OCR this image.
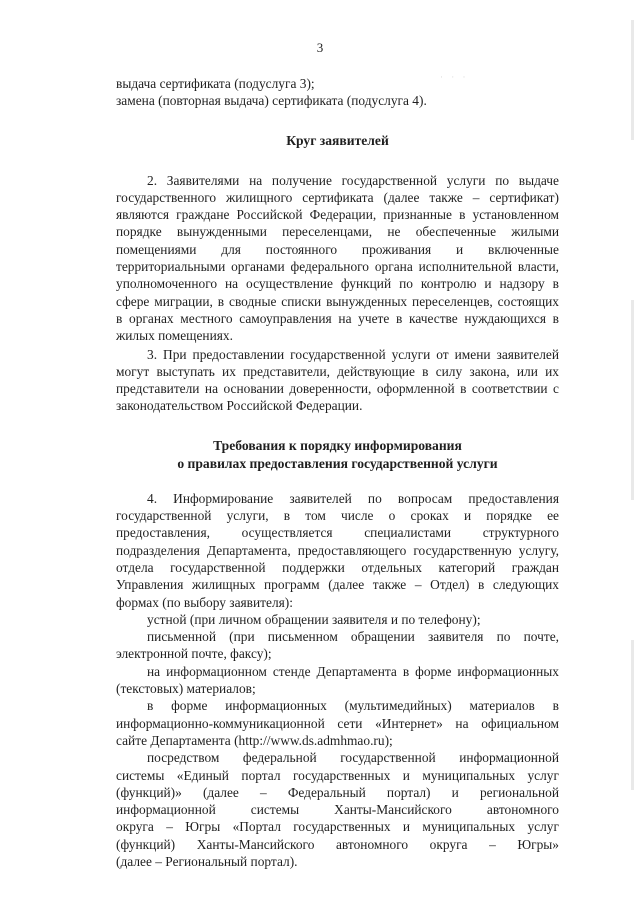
3
· · ·
выдача сертификата (подуслуга 3);
замена (повторная выдача) сертификата (подуслуга 4).
Круг заявителей
2. Заявителями на получение государственной услуги по выдаче
государственного жилищного сертификата (далее также – сертификат)
являются граждане Российской Федерации, признанные в установленном
порядке вынужденными переселенцами, не обеспеченные жилыми
помещениями для постоянного проживания и включенные
территориальными органами федерального органа исполнительной власти,
уполномоченного на осуществление функций по контролю и надзору в
сфере миграции, в сводные списки вынужденных переселенцев, состоящих
в органах местного самоуправления на учете в качестве нуждающихся в
жилых помещениях.
3. При предоставлении государственной услуги от имени заявителей
могут выступать их представители, действующие в силу закона, или их
представители на основании доверенности, оформленной в соответствии с
законодательством Российской Федерации.
Требования к порядку информирования
о правилах предоставления государственной услуги
4. Информирование заявителей по вопросам предоставления
государственной услуги, в том числе о сроках и порядке ее
предоставления, осуществляется специалистами структурного
подразделения Департамента, предоставляющего государственную услугу,
отдела государственной поддержки отдельных категорий граждан
Управления жилищных программ (далее также – Отдел) в следующих
формах (по выбору заявителя):
устной (при личном обращении заявителя и по телефону);
письменной (при письменном обращении заявителя по почте,
электронной почте, факсу);
на информационном стенде Департамента в форме информационных
(текстовых) материалов;
в форме информационных (мультимедийных) материалов в
информационно-коммуникационной сети «Интернет» на официальном
сайте Департамента (http://www.ds.admhmao.ru);
посредством федеральной государственной информационной
системы «Единый портал государственных и муниципальных услуг
(функций)» (далее – Федеральный портал) и региональной
информационной системы Ханты-Мансийского автономного
округа – Югры «Портал государственных и муниципальных услуг
(функций) Ханты-Мансийского автономного округа – Югры»
(далее – Региональный портал).
